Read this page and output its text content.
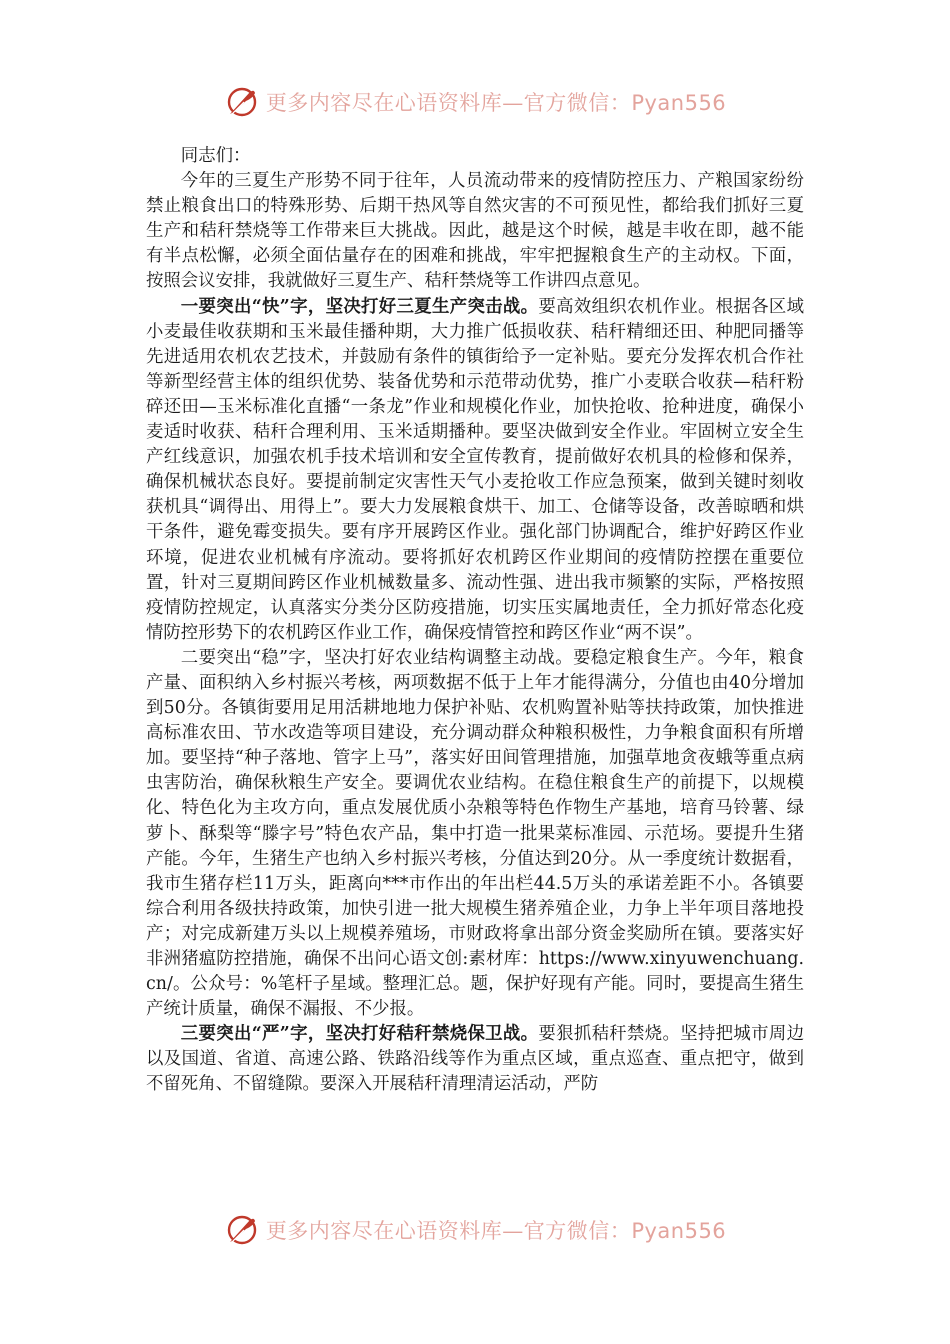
更多内容尽在心语资料库—官方微信：Pyan556

同志们：

今年的三夏生产形势不同于往年，人员流动带来的疫情防控压力、产粮国家纷纷禁止粮食出口的特殊形势、后期干热风等自然灾害的不可预见性，都给我们抓好三夏生产和秸秆禁烧等工作带来巨大挑战。因此，越是这个时候，越是丰收在即，越不能有半点松懈，必须全面估量存在的困难和挑战，牢牢把握粮食生产的主动权。下面，按照会议安排，我就做好三夏生产、秸秆禁烧等工作讲四点意见。

一要突出“快”字，坚决打好三夏生产突击战。要高效组织农机作业。根据各区域小麦最佳收获期和玉米最佳播种期，大力推广低损收获、秸秆精细还田、种肥同播等先进适用农机农艺技术，并鼓励有条件的镇街给予一定补贴。要充分发挥农机合作社等新型经营主体的组织优势、装备优势和示范带动优势，推广小麦联合收获—秸秆粉碎还田—玉米标准化直播“一条龙”作业和规模化作业，加快抢收、抢种进度，确保小麦适时收获、秸秆合理利用、玉米适期播种。要坚决做到安全作业。牢固树立安全生产红线意识，加强农机手技术培训和安全宣传教育，提前做好农机具的检修和保养，确保机械状态良好。要提前制定灾害性天气小麦抢收工作应急预案，做到关键时刻收获机具“调得出、用得上”。要大力发展粮食烘干、加工、仓储等设备，改善晾晒和烘干条件，避免霉变损失。要有序开展跨区作业。强化部门协调配合，维护好跨区作业环境，促进农业机械有序流动。要将抓好农机跨区作业期间的疫情防控摆在重要位置，针对三夏期间跨区作业机械数量多、流动性强、进出我市频繁的实际，严格按照疫情防控规定，认真落实分类分区防疫措施，切实压实属地责任，全力抓好常态化疫情防控形势下的农机跨区作业工作，确保疫情管控和跨区作业“两不误”。

二要突出“稳”字，坚决打好农业结构调整主动战。要稳定粮食生产。今年，粮食产量、面积纳入乡村振兴考核，两项数据不低于上年才能得满分，分值也由40分增加到50分。各镇街要用足用活耕地地力保护补贴、农机购置补贴等扶持政策，加快推进高标准农田、节水改造等项目建设，充分调动群众种粮积极性，力争粮食面积有所增加。要坚持“种子落地、管字上马”，落实好田间管理措施，加强草地贪夜蛾等重点病虫害防治，确保秋粮生产安全。要调优农业结构。在稳住粮食生产的前提下，以规模化、特色化为主攻方向，重点发展优质小杂粮等特色作物生产基地，培育马铃薯、绿萝卜、酥梨等“滕字号”特色农产品，集中打造一批果菜标准园、示范场。要提升生猪产能。今年，生猪生产也纳入乡村振兴考核，分值达到20分。从一季度统计数据看，我市生猪存栏11万头，距离向***市作出的年出栏44.5万头的承诺差距不小。各镇要综合利用各级扶持政策，加快引进一批大规模生猪养殖企业，力争上半年项目落地投产；对完成新建万头以上规模养殖场，市财政将拿出部分资金奖励所在镇。要落实好非洲猪瘟防控措施，确保不出问心语文创:素材库：https://www.xinyuwenchuang.cn/。公众号：%笔杆子星域。整理汇总。题，保护好现有产能。同时，要提高生猪生产统计质量，确保不漏报、不少报。

三要突出“严”字，坚决打好秸秆禁烧保卫战。要狠抓秸秆禁烧。坚持把城市周边以及国道、省道、高速公路、铁路沿线等作为重点区域，重点巡查、重点把守，做到不留死角、不留缝隙。要深入开展秸秆清理清运活动，严防

更多内容尽在心语资料库—官方微信：Pyan556
